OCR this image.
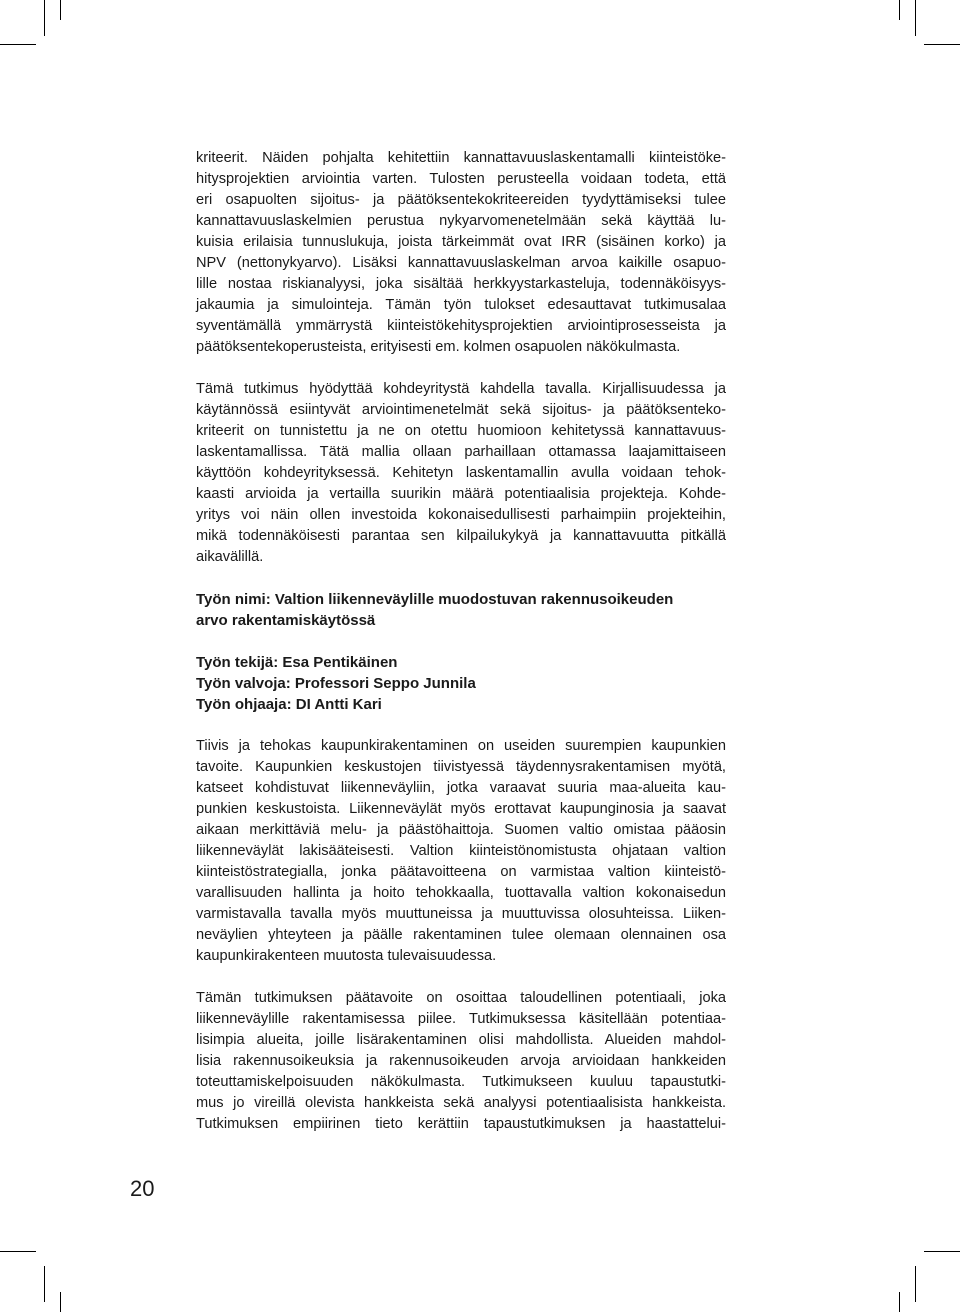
kriteerit. Näiden pohjalta kehitettiin kannattavuuslaskentamalli kiinteistöke-
hitysprojektien arviointia varten. Tulosten perusteella voidaan todeta, että
eri osapuolten sijoitus- ja päätöksentekokriteereiden tyydyttämiseksi tulee
kannattavuuslaskelmien perustua nykyarvomenetelmään sekä käyttää lu-
kuisia erilaisia tunnuslukuja, joista tärkeimmät ovat IRR (sisäinen korko) ja
NPV (nettonykyarvo). Lisäksi kannattavuuslaskelman arvoa kaikille osapuo-
lille nostaa riskianalyysi, joka sisältää herkkyystarkasteluja, todennäköisyys-
jakaumia ja simulointeja. Tämän työn tulokset edesauttavat tutkimusalaa
syventämällä ymmärrystä kiinteistökehitysprojektien arviointiprosesseista ja
päätöksentekoperusteista, erityisesti em. kolmen osapuolen näkökulmasta.
Tämä tutkimus hyödyttää kohdeyritystä kahdella tavalla. Kirjallisuudessa ja
käytännössä esiintyvät arviointimenetelmät sekä sijoitus- ja päätöksenteko-
kriteerit on tunnistettu ja ne on otettu huomioon kehitetyssä kannattavuus-
laskentamallissa. Tätä mallia ollaan parhaillaan ottamassa laajamittaiseen
käyttöön kohdeyrityksessä. Kehitetyn laskentamallin avulla voidaan tehok-
kaasti arvioida ja vertailla suurikin määrä potentiaalisia projekteja. Kohde-
yritys voi näin ollen investoida kokonaisedullisesti parhaimpiin projekteihin,
mikä todennäköisesti parantaa sen kilpailukykyä ja kannattavuutta pitkällä
aikavälillä.
Työn nimi: Valtion liikenneväylille muodostuvan rakennusoikeuden
arvo rakentamiskäytössä
Työn tekijä: Esa Pentikäinen
Työn valvoja: Professori Seppo Junnila
Työn ohjaaja: DI Antti Kari
Tiivis ja tehokas kaupunkirakentaminen on useiden suurempien kaupunkien
tavoite. Kaupunkien keskustojen tiivistyessä täydennysrakentamisen myötä,
katseet kohdistuvat liikenneväyliin, jotka varaavat suuria maa-alueita kau-
punkien keskustoista. Liikenneväylät myös erottavat kaupunginosia ja saavat
aikaan merkittäviä melu- ja päästöhaittoja. Suomen valtio omistaa pääosin
liikenneväylät lakisääteisesti. Valtion kiinteistönomistusta ohjataan valtion
kiinteistöstrategialla, jonka päätavoitteena on varmistaa valtion kiinteistö-
varallisuuden hallinta ja hoito tehokkaalla, tuottavalla valtion kokonaisedun
varmistavalla tavalla myös muuttuneissa ja muuttuvissa olosuhteissa. Liiken-
neväylien yhteyteen ja päälle rakentaminen tulee olemaan olennainen osa
kaupunkirakenteen muutosta tulevaisuudessa.
Tämän tutkimuksen päätavoite on osoittaa taloudellinen potentiaali, joka
liikenneväylille rakentamisessa piilee. Tutkimuksessa käsitellään potentiaa-
lisimpia alueita, joille lisärakentaminen olisi mahdollista. Alueiden mahdol-
lisia rakennusoikeuksia ja rakennusoikeuden arvoja arvioidaan hankkeiden
toteuttamiskelpoisuuden näkökulmasta. Tutkimukseen kuuluu tapaustutki-
mus jo vireillä olevista hankkeista sekä analyysi potentiaalisista hankkeista.
Tutkimuksen empiirinen tieto kerättiin tapaustutkimuksen ja haastattelui-
20
